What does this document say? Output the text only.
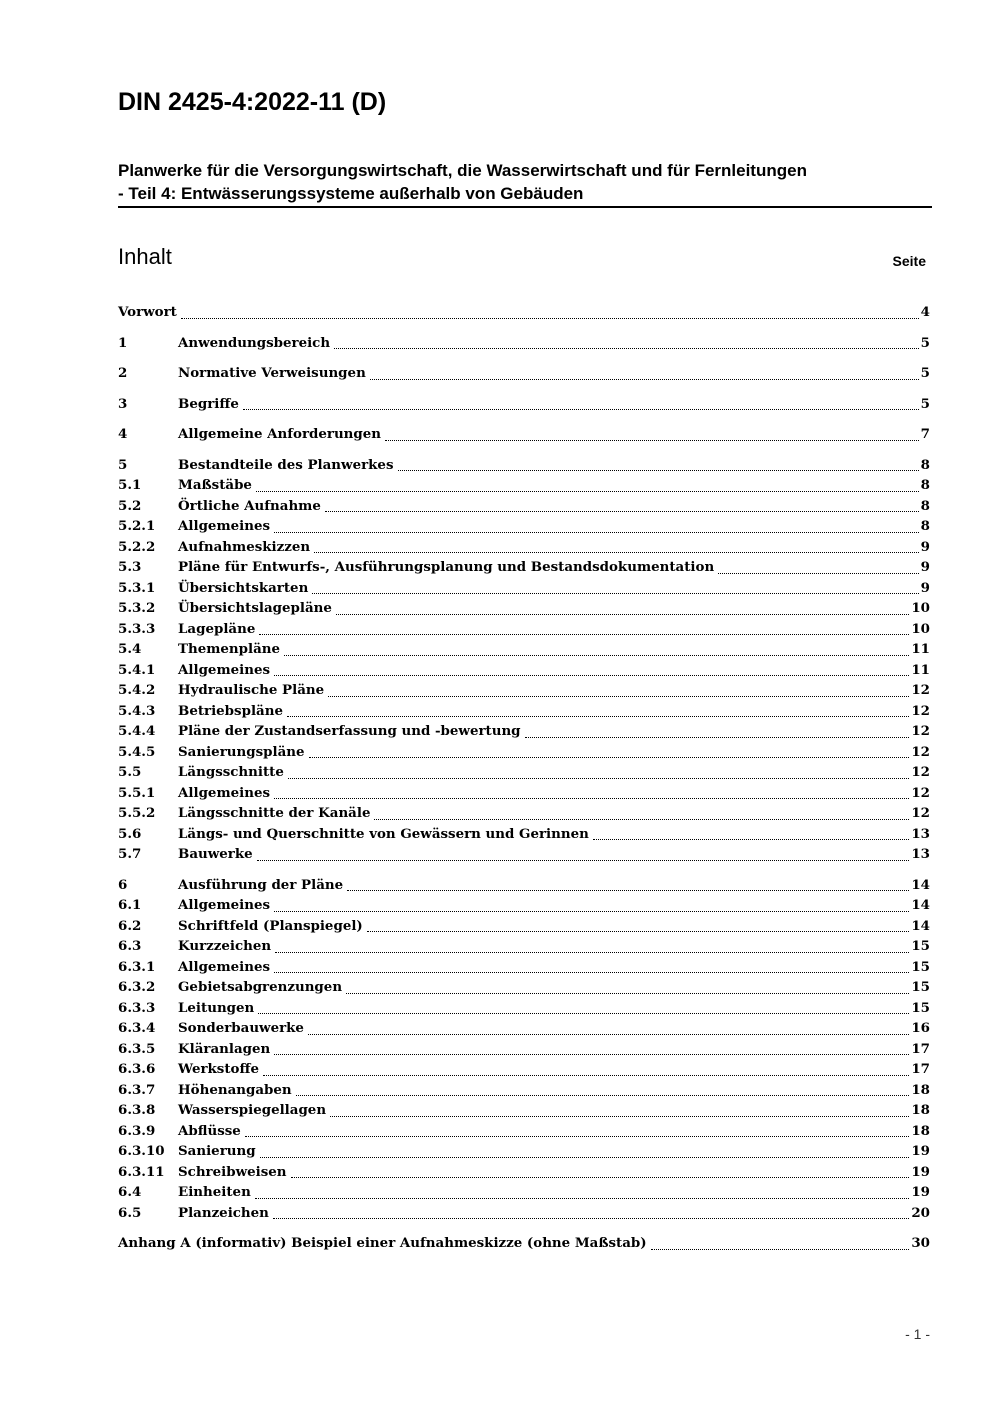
DIN 2425-4:2022-11 (D)
Planwerke für die Versorgungswirtschaft, die Wasserwirtschaft und für Fernleitungen
- Teil 4: Entwässerungssysteme außerhalb von Gebäuden
Inhalt	Seite
Vorwort	4
1	Anwendungsbereich	5
2	Normative Verweisungen	5
3	Begriffe	5
4	Allgemeine Anforderungen	7
5	Bestandteile des Planwerkes	8
5.1	Maßstäbe	8
5.2	Örtliche Aufnahme	8
5.2.1	Allgemeines	8
5.2.2	Aufnahmeskizzen	9
5.3	Pläne für Entwurfs-, Ausführungsplanung und Bestandsdokumentation	9
5.3.1	Übersichtskarten	9
5.3.2	Übersichtslagepläne	10
5.3.3	Lagepläne	10
5.4	Themenpläne	11
5.4.1	Allgemeines	11
5.4.2	Hydraulische Pläne	12
5.4.3	Betriebspläne	12
5.4.4	Pläne der Zustandserfassung und -bewertung	12
5.4.5	Sanierungspläne	12
5.5	Längsschnitte	12
5.5.1	Allgemeines	12
5.5.2	Längsschnitte der Kanäle	12
5.6	Längs- und Querschnitte von Gewässern und Gerinnen	13
5.7	Bauwerke	13
6	Ausführung der Pläne	14
6.1	Allgemeines	14
6.2	Schriftfeld (Planspiegel)	14
6.3	Kurzzeichen	15
6.3.1	Allgemeines	15
6.3.2	Gebietsabgrenzungen	15
6.3.3	Leitungen	15
6.3.4	Sonderbauwerke	16
6.3.5	Kläranlagen	17
6.3.6	Werkstoffe	17
6.3.7	Höhenangaben	18
6.3.8	Wasserspiegellagen	18
6.3.9	Abflüsse	18
6.3.10	Sanierung	19
6.3.11	Schreibweisen	19
6.4	Einheiten	19
6.5	Planzeichen	20
Anhang A (informativ) Beispiel einer Aufnahmeskizze (ohne Maßstab)	30
- 1 -
